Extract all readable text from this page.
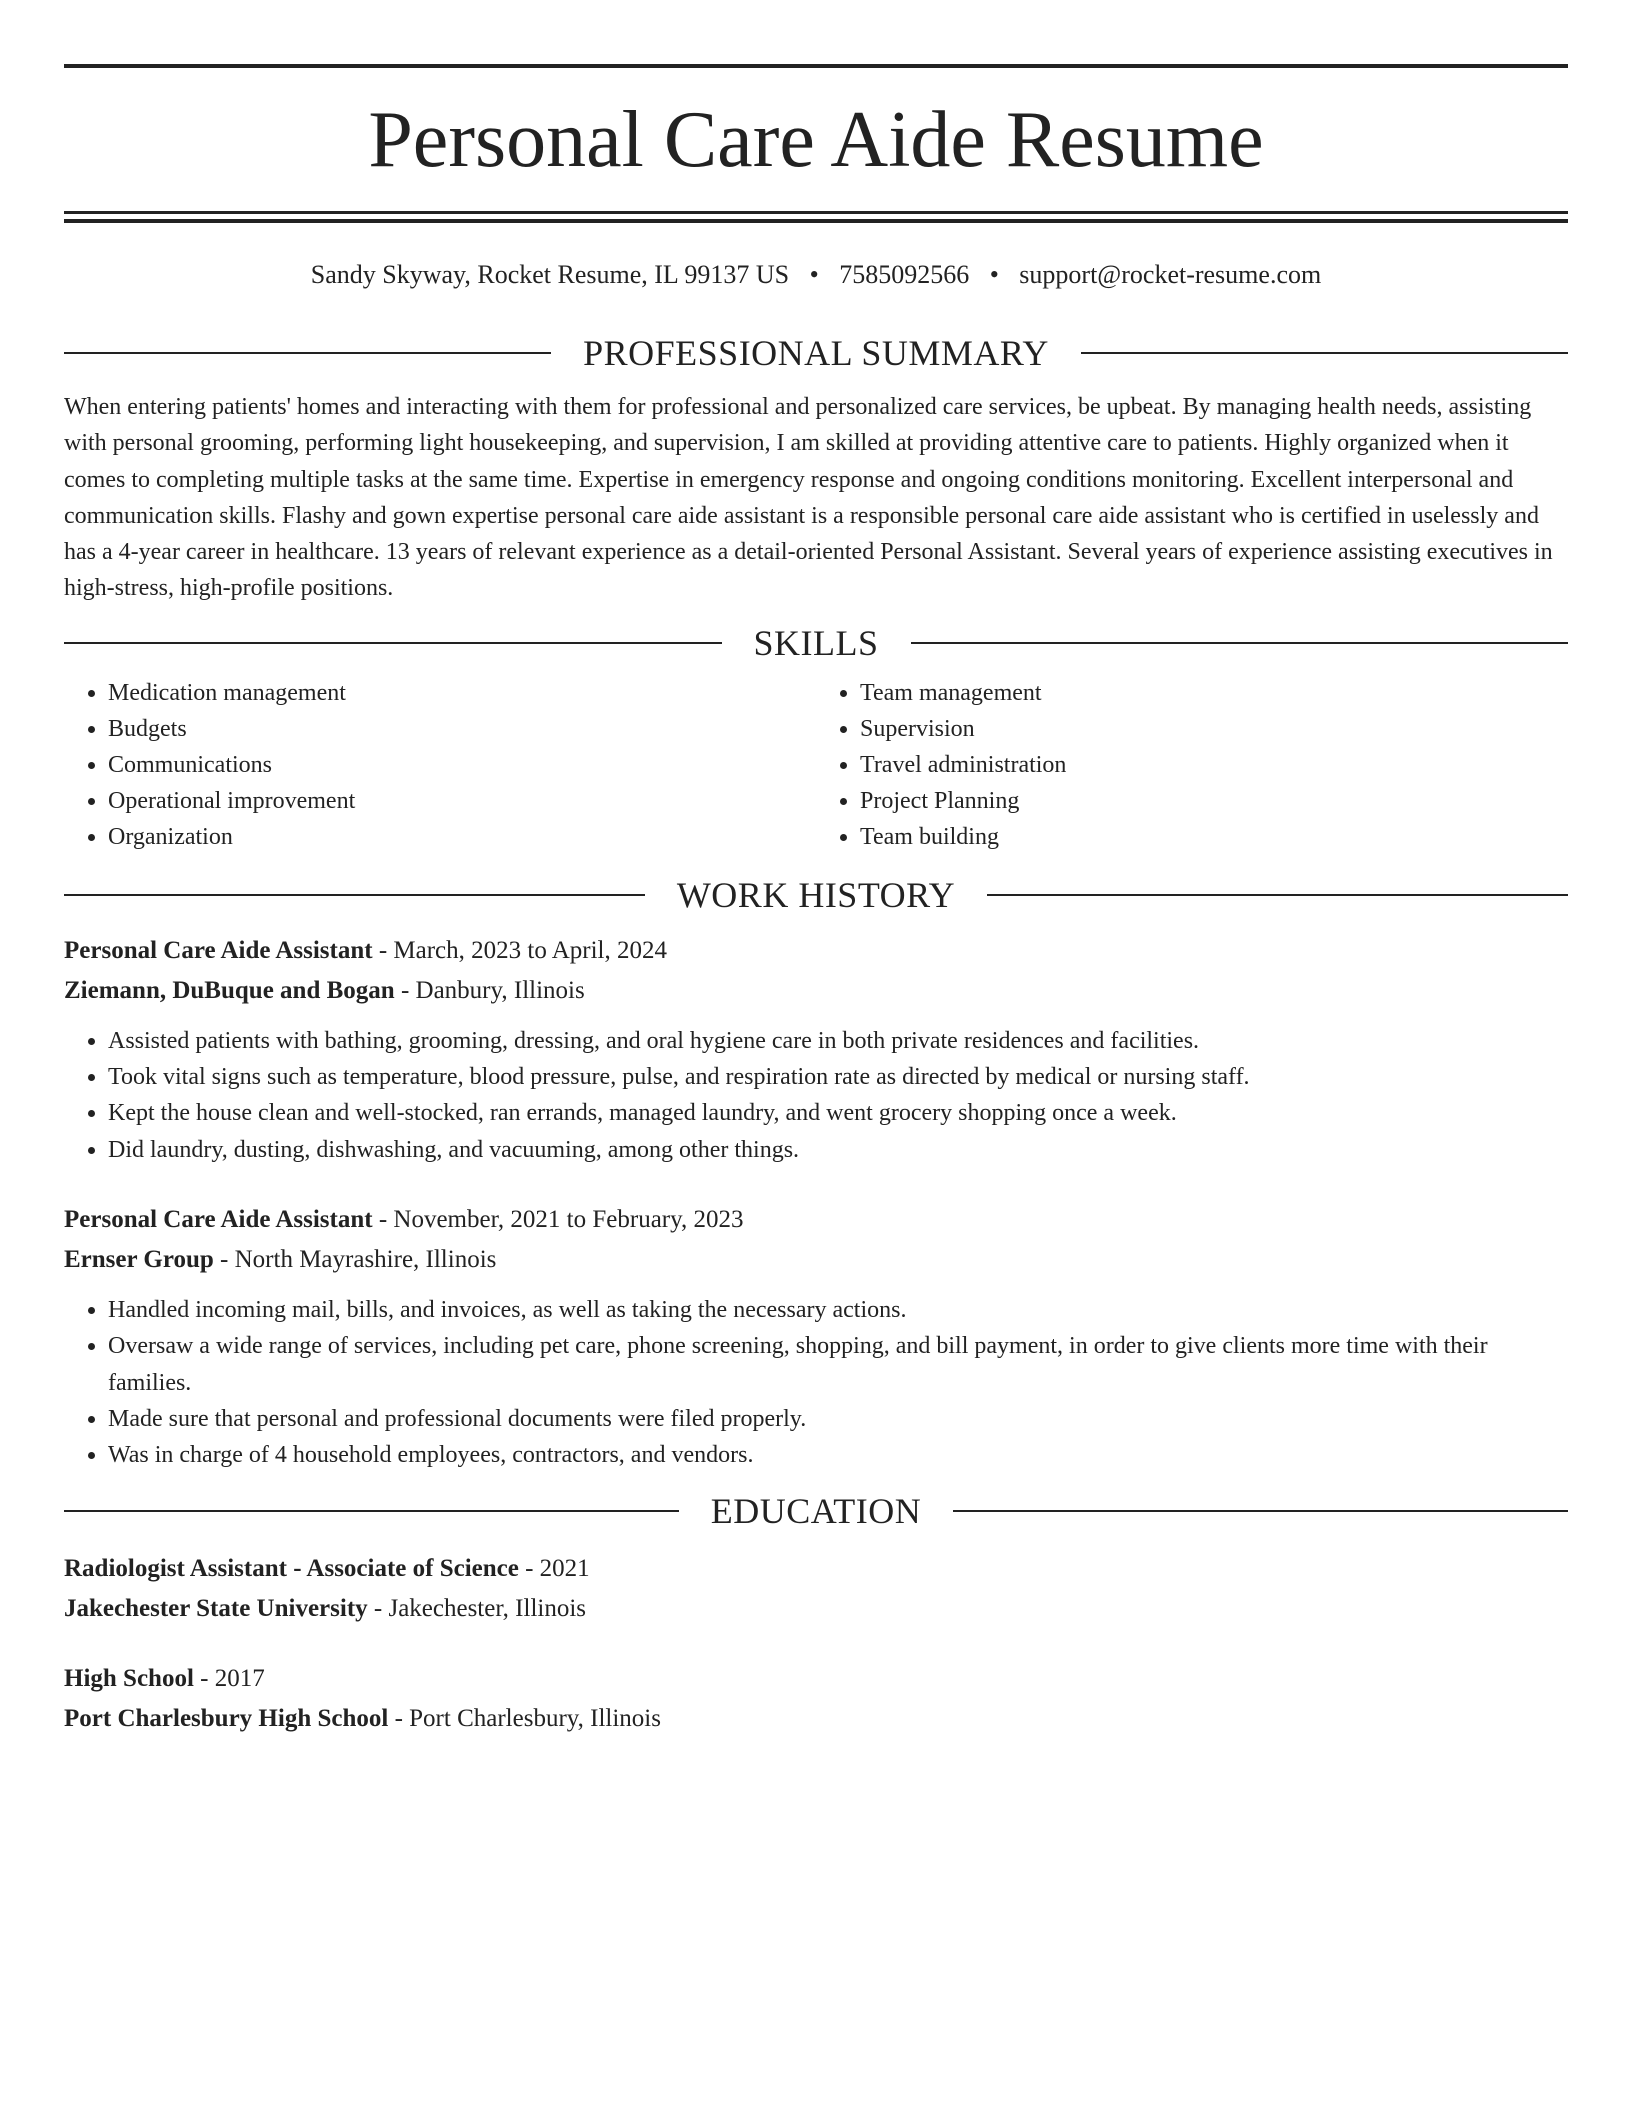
Personal Care Aide Resume
Sandy Skyway, Rocket Resume, IL 99137 US • 7585092566 • support@rocket-resume.com
PROFESSIONAL SUMMARY

When entering patients' homes and interacting with them for professional and personalized care services, be upbeat. By managing health needs, assisting with personal grooming, performing light housekeeping, and supervision, I am skilled at providing attentive care to patients. Highly organized when it comes to completing multiple tasks at the same time. Expertise in emergency response and ongoing conditions monitoring. Excellent interpersonal and communication skills. Flashy and gown expertise personal care aide assistant is a responsible personal care aide assistant who is certified in uselessly and has a 4-year career in healthcare. 13 years of relevant experience as a detail-oriented Personal Assistant. Several years of experience assisting executives in high-stress, high-profile positions.

SKILLS
• Medication management
• Budgets
• Communications
• Operational improvement
• Organization
• Team management
• Supervision
• Travel administration
• Project Planning
• Team building
WORK HISTORY

Personal Care Aide Assistant - March, 2023 to April, 2024

Ziemann, DuBuque and Bogan - Danbury, Illinois

• Assisted patients with bathing, grooming, dressing, and oral hygiene care in both private residences and facilities.
• Took vital signs such as temperature, blood pressure, pulse, and respiration rate as directed by medical or nursing staff.
• Kept the house clean and well-stocked, ran errands, managed laundry, and went grocery shopping once a week.
• Did laundry, dusting, dishwashing, and vacuuming, among other things.

Personal Care Aide Assistant - November, 2021 to February, 2023

Ernser Group - North Mayrashire, Illinois

• Handled incoming mail, bills, and invoices, as well as taking the necessary actions.
• Oversaw a wide range of services, including pet care, phone screening, shopping, and bill payment, in order to give clients more time with their families.
• Made sure that personal and professional documents were filed properly.
• Was in charge of 4 household employees, contractors, and vendors.
EDUCATION

Radiologist Assistant - Associate of Science - 2021

Jakechester State University - Jakechester, Illinois

High School - 2017

Port Charlesbury High School - Port Charlesbury, Illinois
